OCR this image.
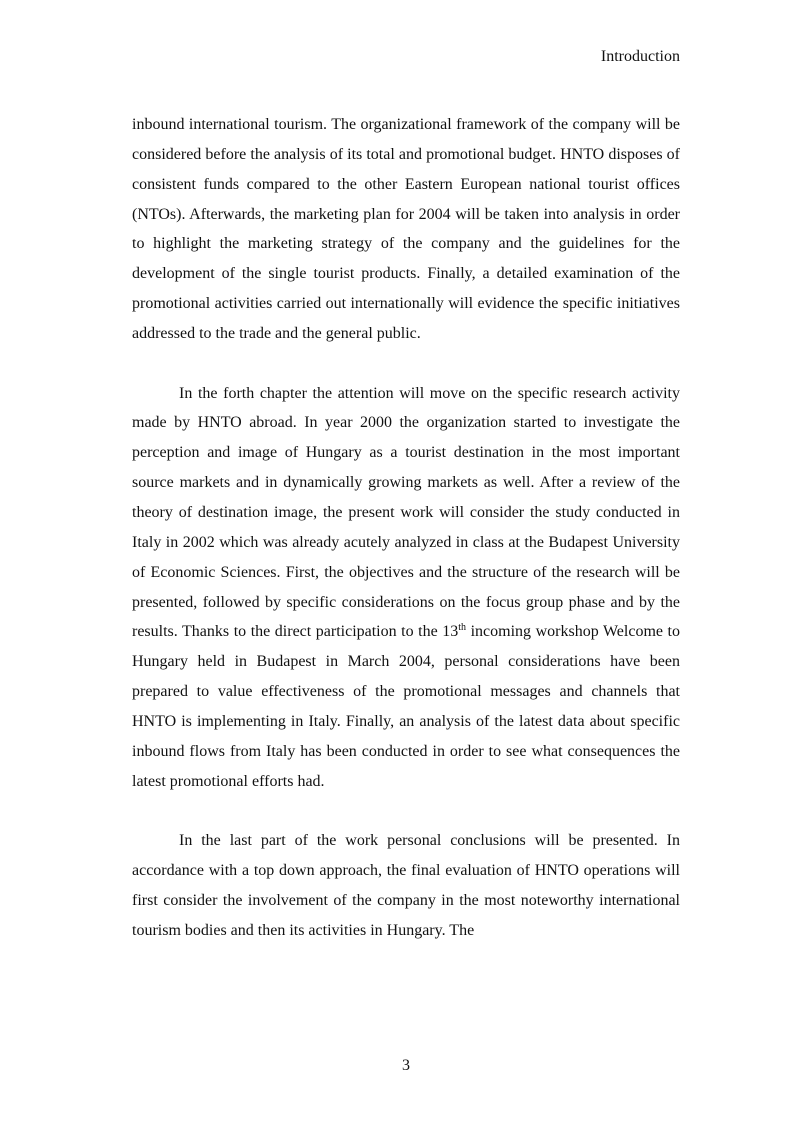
Introduction

inbound international tourism. The organizational framework of the company will be considered before the analysis of its total and promotional budget. HNTO disposes of consistent funds compared to the other Eastern European national tourist offices (NTOs). Afterwards, the marketing plan for 2004 will be taken into analysis in order to highlight the marketing strategy of the company and the guidelines for the development of the single tourist products. Finally, a detailed examination of the promotional activities carried out internationally will evidence the specific initiatives addressed to the trade and the general public.

In the forth chapter the attention will move on the specific research activity made by HNTO abroad. In year 2000 the organization started to investigate the perception and image of Hungary as a tourist destination in the most important source markets and in dynamically growing markets as well. After a review of the theory of destination image, the present work will consider the study conducted in Italy in 2002 which was already acutely analyzed in class at the Budapest University of Economic Sciences. First, the objectives and the structure of the research will be presented, followed by specific considerations on the focus group phase and by the results. Thanks to the direct participation to the 13th incoming workshop Welcome to Hungary held in Budapest in March 2004, personal considerations have been prepared to value effectiveness of the promotional messages and channels that HNTO is implementing in Italy. Finally, an analysis of the latest data about specific inbound flows from Italy has been conducted in order to see what consequences the latest promotional efforts had.

In the last part of the work personal conclusions will be presented. In accordance with a top down approach, the final evaluation of HNTO operations will first consider the involvement of the company in the most noteworthy international tourism bodies and then its activities in Hungary. The

3
